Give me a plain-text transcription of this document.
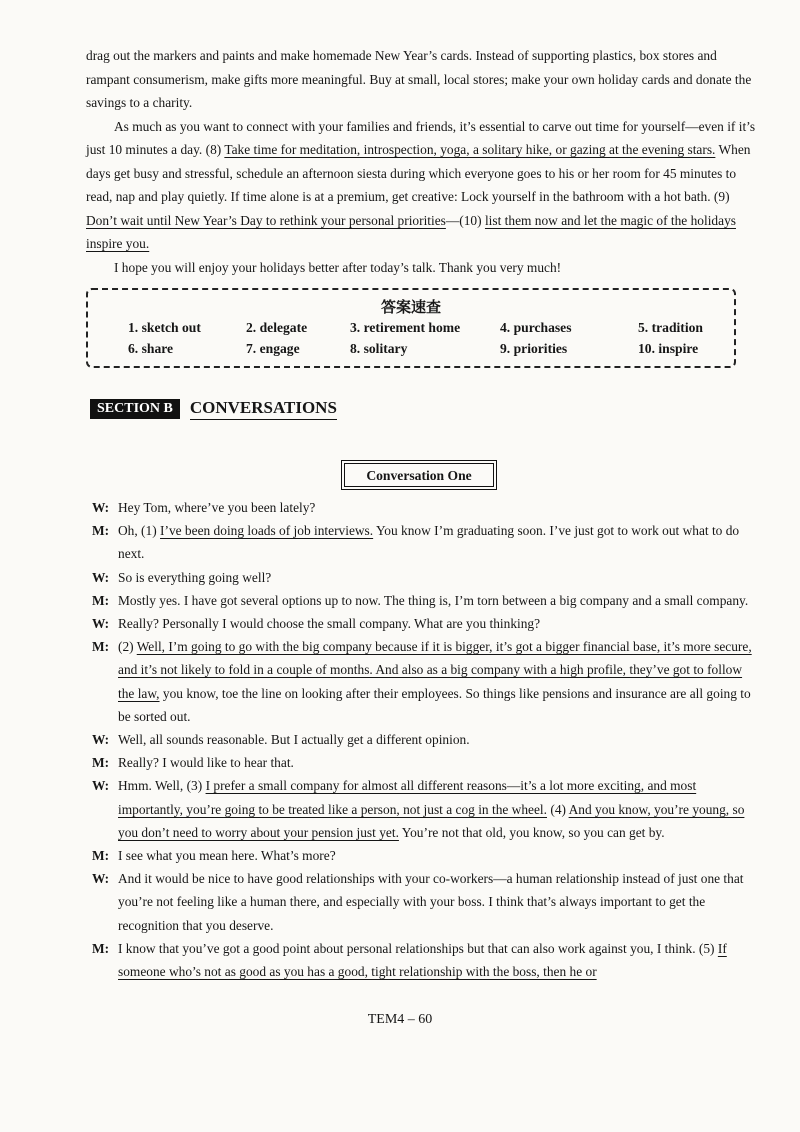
drag out the markers and paints and make homemade New Year’s cards. Instead of supporting plastics, box stores and rampant consumerism, make gifts more meaningful. Buy at small, local stores; make your own holiday cards and donate the savings to a charity.

As much as you want to connect with your families and friends, it’s essential to carve out time for yourself—even if it’s just 10 minutes a day. (8) Take time for meditation, introspection, yoga, a solitary hike, or gazing at the evening stars. When days get busy and stressful, schedule an afternoon siesta during which everyone goes to his or her room for 45 minutes to read, nap and play quietly. If time alone is at a premium, get creative: Lock yourself in the bathroom with a hot bath. (9) Don’t wait until New Year’s Day to rethink your personal priorities—(10) list them now and let the magic of the holidays inspire you.

I hope you will enjoy your holidays better after today’s talk. Thank you very much!

答案速查
1. sketch out	2. delegate	3. retirement home	4. purchases	5. tradition
6. share	7. engage	8. solitary	9. priorities	10. inspire
SECTION B	CONVERSATIONS
Conversation One
W: Hey Tom, where’ve you been lately?
M: Oh, (1) I’ve been doing loads of job interviews. You know I’m graduating soon. I’ve just got to work out what to do next.
W: So is everything going well?
M: Mostly yes. I have got several options up to now. The thing is, I’m torn between a big company and a small company.
W: Really? Personally I would choose the small company. What are you thinking?
M: (2) Well, I’m going to go with the big company because if it is bigger, it’s got a bigger financial base, it’s more secure, and it’s not likely to fold in a couple of months. And also as a big company with a high profile, they’ve got to follow the law, you know, toe the line on looking after their employees. So things like pensions and insurance are all going to be sorted out.
W: Well, all sounds reasonable. But I actually get a different opinion.
M: Really? I would like to hear that.
W: Hmm. Well, (3) I prefer a small company for almost all different reasons—it’s a lot more exciting, and most importantly, you’re going to be treated like a person, not just a cog in the wheel. (4) And you know, you’re young, so you don’t need to worry about your pension just yet. You’re not that old, you know, so you can get by.
M: I see what you mean here. What’s more?
W: And it would be nice to have good relationships with your co-workers—a human relationship instead of just one that you’re not feeling like a human there, and especially with your boss. I think that’s always important to get the recognition that you deserve.
M: I know that you’ve got a good point about personal relationships but that can also work against you, I think. (5) If someone who’s not as good as you has a good, tight relationship with the boss, then he or
TEM4 – 60
